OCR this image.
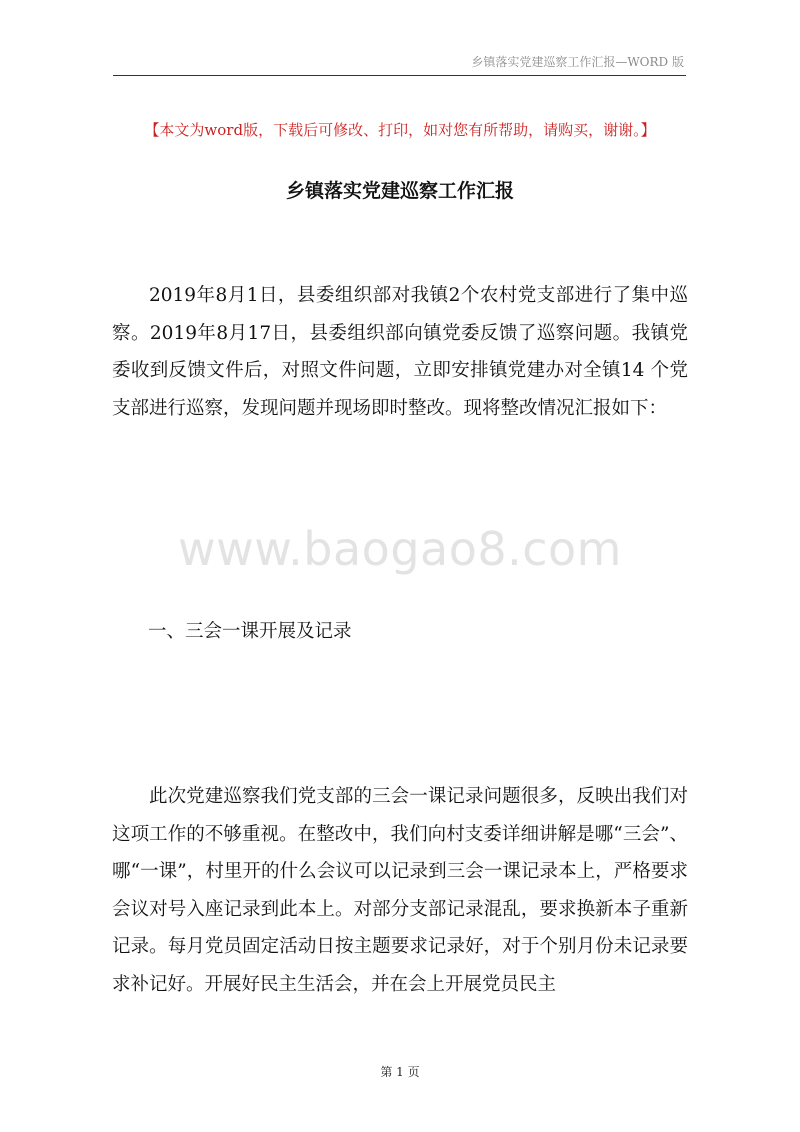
乡镇落实党建巡察工作汇报—WORD 版
【本文为word版，下载后可修改、打印，如对您有所帮助，请购买，谢谢。】
乡镇落实党建巡察工作汇报

2019年8月1日，县委组织部对我镇2个农村党支部进行了集中巡察。2019年8月17日，县委组织部向镇党委反馈了巡察问题。我镇党委收到反馈文件后，对照文件问题，立即安排镇党建办对全镇14 个党支部进行巡察，发现问题并现场即时整改。现将整改情况汇报如下：

www.baogao8.com
一、三会一课开展及记录

此次党建巡察我们党支部的三会一课记录问题很多，反映出我们对这项工作的不够重视。在整改中，我们向村支委详细讲解是哪“三会”、哪“一课”，村里开的什么会议可以记录到三会一课记录本上，严格要求会议对号入座记录到此本上。对部分支部记录混乱，要求换新本子重新记录。每月党员固定活动日按主题要求记录好，对于个别月份未记录要求补记好。开展好民主生活会，并在会上开展党员民主

第 1 页
